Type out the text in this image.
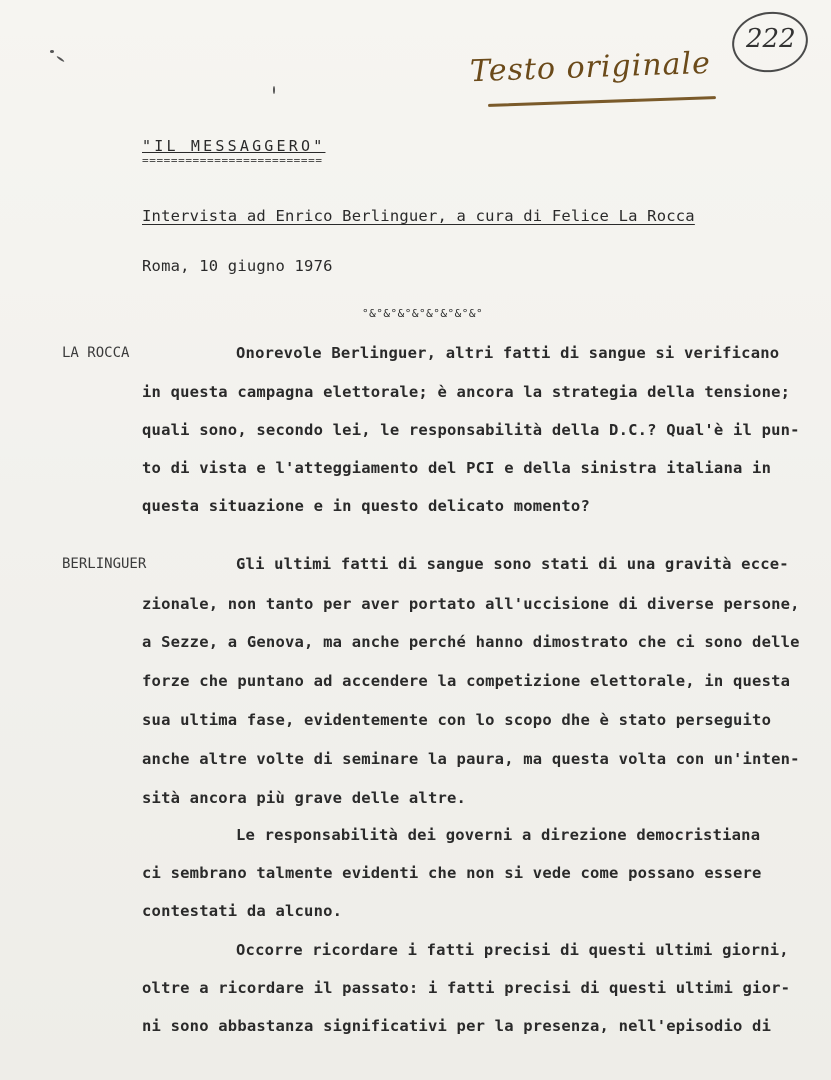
Testo originale
222
"IL MESSAGGERO"
=========================
Intervista ad Enrico Berlinguer, a cura di Felice La Rocca
Roma, 10 giugno 1976
°&°&°&°&°&°&°&°&°
LA ROCCA	Onorevole Berlinguer, altri fatti di sangue si verificano
in questa campagna elettorale; è ancora la strategia della tensione;
quali sono, secondo lei, le responsabilità della D.C.? Qual'è il pun-
to di vista e l'atteggiamento del PCI e della sinistra italiana in
questa situazione e in questo delicato momento?
BERLINGUER	Gli ultimi fatti di sangue sono stati di una gravità ecce-
zionale, non tanto per aver portato all'uccisione di diverse persone,
a Sezze, a Genova, ma anche perché hanno dimostrato che ci sono delle
forze che puntano ad accendere la competizione elettorale, in questa
sua ultima fase, evidentemente con lo scopo dhe è stato perseguito
anche altre volte di seminare la paura, ma questa volta con un'inten-
sità ancora più grave delle altre.
Le responsabilità dei governi a direzione democristiana
ci sembrano talmente evidenti che non si vede come possano essere
contestati da alcuno.
Occorre ricordare i fatti precisi di questi ultimi giorni,
oltre a ricordare il passato: i fatti precisi di questi ultimi gior-
ni sono abbastanza significativi per la presenza, nell'episodio di
